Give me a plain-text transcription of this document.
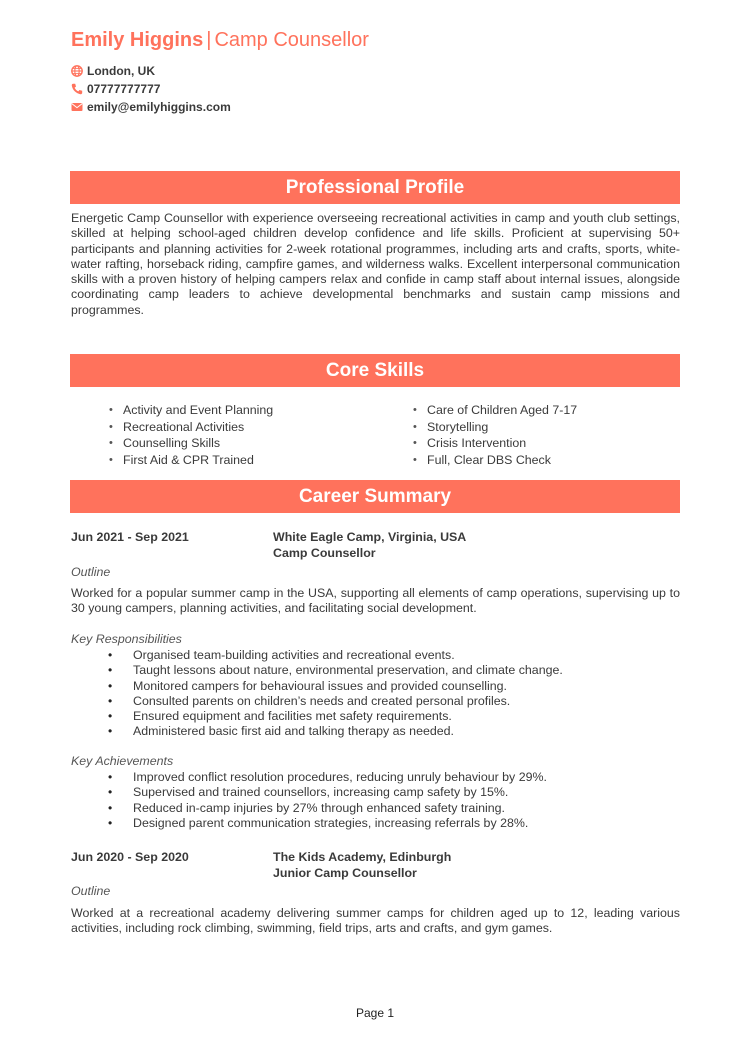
Emily Higgins | Camp Counsellor
London, UK
07777777777
emily@emilyhiggins.com
Professional Profile
Energetic Camp Counsellor with experience overseeing recreational activities in camp and youth club settings, skilled at helping school-aged children develop confidence and life skills. Proficient at supervising 50+ participants and planning activities for 2-week rotational programmes, including arts and crafts, sports, white-water rafting, horseback riding, campfire games, and wilderness walks. Excellent interpersonal communication skills with a proven history of helping campers relax and confide in camp staff about internal issues, alongside coordinating camp leaders to achieve developmental benchmarks and sustain camp missions and programmes.
Core Skills
• Activity and Event Planning
• Recreational Activities
• Counselling Skills
• First Aid & CPR Trained
• Care of Children Aged 7-17
• Storytelling
• Crisis Intervention
• Full, Clear DBS Check
Career Summary
Jun 2021 - Sep 2021	White Eagle Camp, Virginia, USA
Camp Counsellor
Outline
Worked for a popular summer camp in the USA, supporting all elements of camp operations, supervising up to 30 young campers, planning activities, and facilitating social development.
Key Responsibilities
• Organised team-building activities and recreational events.
• Taught lessons about nature, environmental preservation, and climate change.
• Monitored campers for behavioural issues and provided counselling.
• Consulted parents on children’s needs and created personal profiles.
• Ensured equipment and facilities met safety requirements.
• Administered basic first aid and talking therapy as needed.
Key Achievements
• Improved conflict resolution procedures, reducing unruly behaviour by 29%.
• Supervised and trained counsellors, increasing camp safety by 15%.
• Reduced in-camp injuries by 27% through enhanced safety training.
• Designed parent communication strategies, increasing referrals by 28%.
Jun 2020 - Sep 2020	The Kids Academy, Edinburgh
Junior Camp Counsellor
Outline
Worked at a recreational academy delivering summer camps for children aged up to 12, leading various activities, including rock climbing, swimming, field trips, arts and crafts, and gym games.
Page 1
